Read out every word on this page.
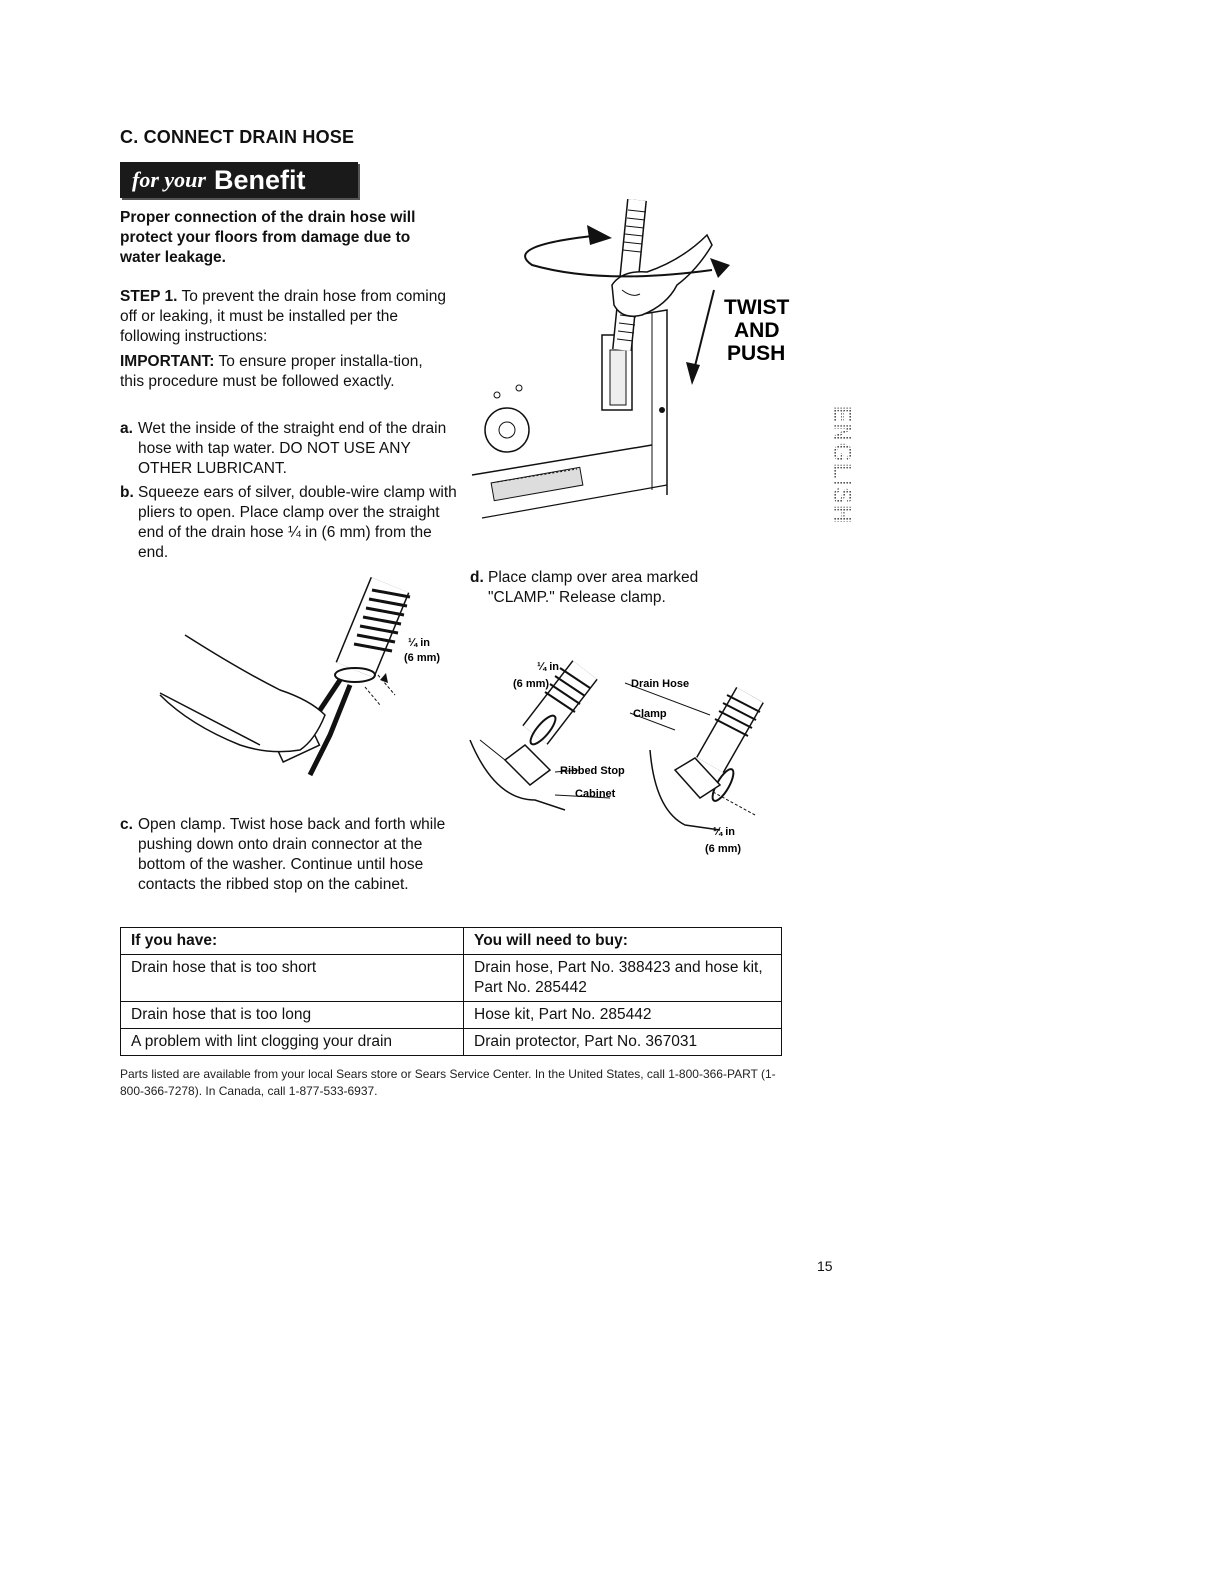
C. CONNECT DRAIN HOSE
for your Benefit
Proper connection of the drain hose will protect your floors from damage due to water leakage.
STEP 1. To prevent the drain hose from coming off or leaking, it must be installed per the following instructions:
IMPORTANT: To ensure proper installa-tion, this procedure must be followed exactly.
a. Wet the inside of the straight end of the drain hose with tap water. DO NOT USE ANY OTHER LUBRICANT.
b. Squeeze ears of silver, double-wire clamp with pliers to open. Place clamp over the straight end of the drain hose ¼ in (6 mm) from the end.
c. Open clamp. Twist hose back and forth while pushing down onto drain connector at the bottom of the washer. Continue until hose contacts the ribbed stop on the cabinet.
d. Place clamp over area marked "CLAMP." Release clamp.
TWIST
AND
PUSH
¼ in
(6 mm)
¼ in
(6 mm)	Drain Hose
Clamp
Ribbed Stop
Cabinet
¼ in
(6 mm)
If you have:	You will need to buy:
Drain hose that is too short	Drain hose, Part No. 388423 and hose kit, Part No. 285442
Drain hose that is too long	Hose kit, Part No. 285442
A problem with lint clogging your drain	Drain protector, Part No. 367031
Parts listed are available from your local Sears store or Sears Service Center. In the United States, call 1-800-366-PART (1-800-366-7278). In Canada, call 1-877-533-6937.
15
ENGLISH
